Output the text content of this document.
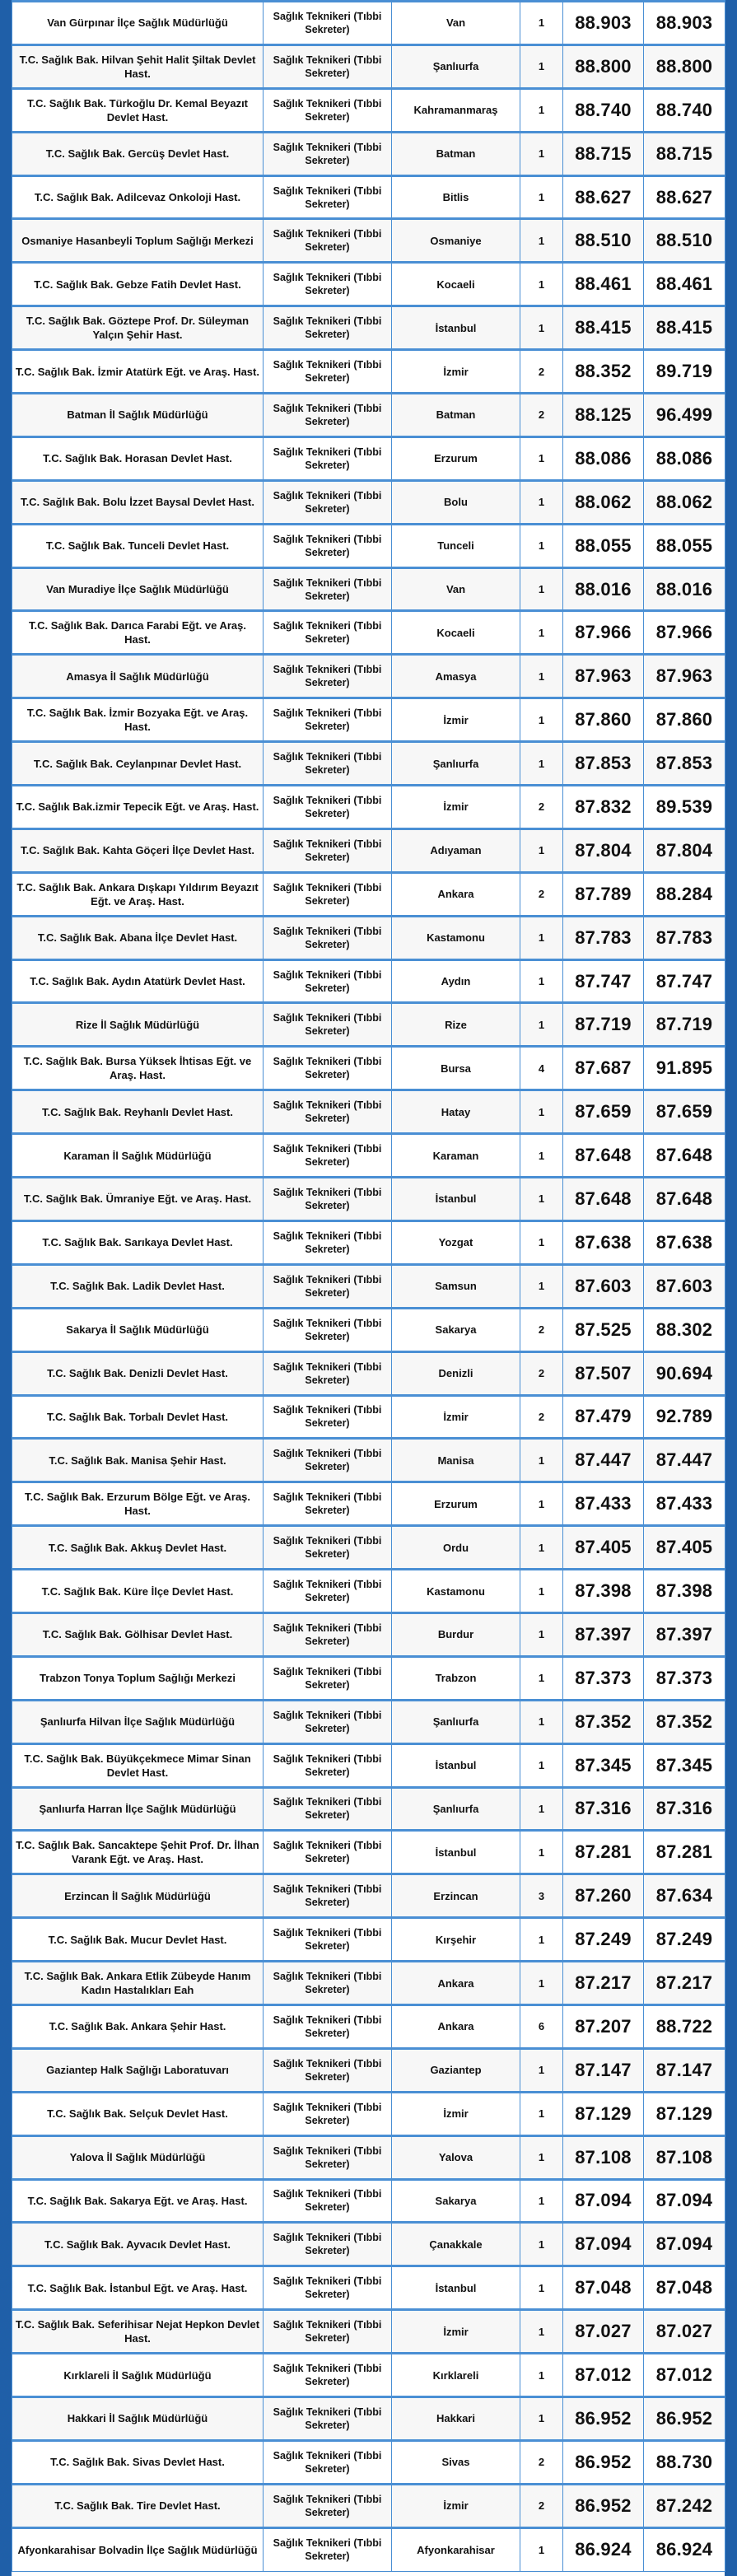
Van Gürpınar İlçe Sağlık Müdürlüğü	Sağlık Teknikeri (Tıbbi Sekreter)	Van	1	88.903	88.903
T.C. Sağlık Bak. Hilvan Şehit Halit Şiltak Devlet Hast.	Sağlık Teknikeri (Tıbbi Sekreter)	Şanlıurfa	1	88.800	88.800
T.C. Sağlık Bak. Türkoğlu Dr. Kemal Beyazıt Devlet Hast.	Sağlık Teknikeri (Tıbbi Sekreter)	Kahramanmaraş	1	88.740	88.740
T.C. Sağlık Bak. Gercüş Devlet Hast.	Sağlık Teknikeri (Tıbbi Sekreter)	Batman	1	88.715	88.715
T.C. Sağlık Bak. Adilcevaz Onkoloji Hast.	Sağlık Teknikeri (Tıbbi Sekreter)	Bitlis	1	88.627	88.627
Osmaniye Hasanbeyli Toplum Sağlığı Merkezi	Sağlık Teknikeri (Tıbbi Sekreter)	Osmaniye	1	88.510	88.510
T.C. Sağlık Bak. Gebze Fatih Devlet Hast.	Sağlık Teknikeri (Tıbbi Sekreter)	Kocaeli	1	88.461	88.461
T.C. Sağlık Bak. Göztepe Prof. Dr. Süleyman Yalçın Şehir Hast.	Sağlık Teknikeri (Tıbbi Sekreter)	İstanbul	1	88.415	88.415
T.C. Sağlık Bak. İzmir Atatürk Eğt. ve Araş. Hast.	Sağlık Teknikeri (Tıbbi Sekreter)	İzmir	2	88.352	89.719
Batman İl Sağlık Müdürlüğü	Sağlık Teknikeri (Tıbbi Sekreter)	Batman	2	88.125	96.499
T.C. Sağlık Bak. Horasan Devlet Hast.	Sağlık Teknikeri (Tıbbi Sekreter)	Erzurum	1	88.086	88.086
T.C. Sağlık Bak. Bolu İzzet Baysal Devlet Hast.	Sağlık Teknikeri (Tıbbi Sekreter)	Bolu	1	88.062	88.062
T.C. Sağlık Bak. Tunceli Devlet Hast.	Sağlık Teknikeri (Tıbbi Sekreter)	Tunceli	1	88.055	88.055
Van Muradiye İlçe Sağlık Müdürlüğü	Sağlık Teknikeri (Tıbbi Sekreter)	Van	1	88.016	88.016
T.C. Sağlık Bak. Darıca Farabi Eğt. ve Araş. Hast.	Sağlık Teknikeri (Tıbbi Sekreter)	Kocaeli	1	87.966	87.966
Amasya İl Sağlık Müdürlüğü	Sağlık Teknikeri (Tıbbi Sekreter)	Amasya	1	87.963	87.963
T.C. Sağlık Bak. İzmir Bozyaka Eğt. ve Araş. Hast.	Sağlık Teknikeri (Tıbbi Sekreter)	İzmir	1	87.860	87.860
T.C. Sağlık Bak. Ceylanpınar Devlet Hast.	Sağlık Teknikeri (Tıbbi Sekreter)	Şanlıurfa	1	87.853	87.853
T.C. Sağlık Bak.izmir Tepecik Eğt. ve Araş. Hast.	Sağlık Teknikeri (Tıbbi Sekreter)	İzmir	2	87.832	89.539
T.C. Sağlık Bak. Kahta Göçeri İlçe Devlet Hast.	Sağlık Teknikeri (Tıbbi Sekreter)	Adıyaman	1	87.804	87.804
T.C. Sağlık Bak. Ankara Dışkapı Yıldırım Beyazıt Eğt. ve Araş. Hast.	Sağlık Teknikeri (Tıbbi Sekreter)	Ankara	2	87.789	88.284
T.C. Sağlık Bak. Abana İlçe Devlet Hast.	Sağlık Teknikeri (Tıbbi Sekreter)	Kastamonu	1	87.783	87.783
T.C. Sağlık Bak. Aydın Atatürk Devlet Hast.	Sağlık Teknikeri (Tıbbi Sekreter)	Aydın	1	87.747	87.747
Rize İl Sağlık Müdürlüğü	Sağlık Teknikeri (Tıbbi Sekreter)	Rize	1	87.719	87.719
T.C. Sağlık Bak. Bursa Yüksek İhtisas Eğt. ve Araş. Hast.	Sağlık Teknikeri (Tıbbi Sekreter)	Bursa	4	87.687	91.895
T.C. Sağlık Bak. Reyhanlı Devlet Hast.	Sağlık Teknikeri (Tıbbi Sekreter)	Hatay	1	87.659	87.659
Karaman İl Sağlık Müdürlüğü	Sağlık Teknikeri (Tıbbi Sekreter)	Karaman	1	87.648	87.648
T.C. Sağlık Bak. Ümraniye Eğt. ve Araş. Hast.	Sağlık Teknikeri (Tıbbi Sekreter)	İstanbul	1	87.648	87.648
T.C. Sağlık Bak. Sarıkaya Devlet Hast.	Sağlık Teknikeri (Tıbbi Sekreter)	Yozgat	1	87.638	87.638
T.C. Sağlık Bak. Ladik Devlet Hast.	Sağlık Teknikeri (Tıbbi Sekreter)	Samsun	1	87.603	87.603
Sakarya İl Sağlık Müdürlüğü	Sağlık Teknikeri (Tıbbi Sekreter)	Sakarya	2	87.525	88.302
T.C. Sağlık Bak. Denizli Devlet Hast.	Sağlık Teknikeri (Tıbbi Sekreter)	Denizli	2	87.507	90.694
T.C. Sağlık Bak. Torbalı Devlet Hast.	Sağlık Teknikeri (Tıbbi Sekreter)	İzmir	2	87.479	92.789
T.C. Sağlık Bak. Manisa Şehir Hast.	Sağlık Teknikeri (Tıbbi Sekreter)	Manisa	1	87.447	87.447
T.C. Sağlık Bak. Erzurum Bölge Eğt. ve Araş. Hast.	Sağlık Teknikeri (Tıbbi Sekreter)	Erzurum	1	87.433	87.433
T.C. Sağlık Bak. Akkuş Devlet Hast.	Sağlık Teknikeri (Tıbbi Sekreter)	Ordu	1	87.405	87.405
T.C. Sağlık Bak. Küre İlçe Devlet Hast.	Sağlık Teknikeri (Tıbbi Sekreter)	Kastamonu	1	87.398	87.398
T.C. Sağlık Bak. Gölhisar Devlet Hast.	Sağlık Teknikeri (Tıbbi Sekreter)	Burdur	1	87.397	87.397
Trabzon Tonya Toplum Sağlığı Merkezi	Sağlık Teknikeri (Tıbbi Sekreter)	Trabzon	1	87.373	87.373
Şanlıurfa Hilvan İlçe Sağlık Müdürlüğü	Sağlık Teknikeri (Tıbbi Sekreter)	Şanlıurfa	1	87.352	87.352
T.C. Sağlık Bak. Büyükçekmece Mimar Sinan Devlet Hast.	Sağlık Teknikeri (Tıbbi Sekreter)	İstanbul	1	87.345	87.345
Şanlıurfa Harran İlçe Sağlık Müdürlüğü	Sağlık Teknikeri (Tıbbi Sekreter)	Şanlıurfa	1	87.316	87.316
T.C. Sağlık Bak. Sancaktepe Şehit Prof. Dr. İlhan Varank Eğt. ve Araş. Hast.	Sağlık Teknikeri (Tıbbi Sekreter)	İstanbul	1	87.281	87.281
Erzincan İl Sağlık Müdürlüğü	Sağlık Teknikeri (Tıbbi Sekreter)	Erzincan	3	87.260	87.634
T.C. Sağlık Bak. Mucur Devlet Hast.	Sağlık Teknikeri (Tıbbi Sekreter)	Kırşehir	1	87.249	87.249
T.C. Sağlık Bak. Ankara Etlik Zübeyde Hanım Kadın Hastalıkları Eah	Sağlık Teknikeri (Tıbbi Sekreter)	Ankara	1	87.217	87.217
T.C. Sağlık Bak. Ankara Şehir Hast.	Sağlık Teknikeri (Tıbbi Sekreter)	Ankara	6	87.207	88.722
Gaziantep Halk Sağlığı Laboratuvarı	Sağlık Teknikeri (Tıbbi Sekreter)	Gaziantep	1	87.147	87.147
T.C. Sağlık Bak. Selçuk Devlet Hast.	Sağlık Teknikeri (Tıbbi Sekreter)	İzmir	1	87.129	87.129
Yalova İl Sağlık Müdürlüğü	Sağlık Teknikeri (Tıbbi Sekreter)	Yalova	1	87.108	87.108
T.C. Sağlık Bak. Sakarya Eğt. ve Araş. Hast.	Sağlık Teknikeri (Tıbbi Sekreter)	Sakarya	1	87.094	87.094
T.C. Sağlık Bak. Ayvacık Devlet Hast.	Sağlık Teknikeri (Tıbbi Sekreter)	Çanakkale	1	87.094	87.094
T.C. Sağlık Bak. İstanbul Eğt. ve Araş. Hast.	Sağlık Teknikeri (Tıbbi Sekreter)	İstanbul	1	87.048	87.048
T.C. Sağlık Bak. Seferihisar Nejat Hepkon Devlet Hast.	Sağlık Teknikeri (Tıbbi Sekreter)	İzmir	1	87.027	87.027
Kırklareli İl Sağlık Müdürlüğü	Sağlık Teknikeri (Tıbbi Sekreter)	Kırklareli	1	87.012	87.012
Hakkari İl Sağlık Müdürlüğü	Sağlık Teknikeri (Tıbbi Sekreter)	Hakkari	1	86.952	86.952
T.C. Sağlık Bak. Sivas Devlet Hast.	Sağlık Teknikeri (Tıbbi Sekreter)	Sivas	2	86.952	88.730
T.C. Sağlık Bak. Tire Devlet Hast.	Sağlık Teknikeri (Tıbbi Sekreter)	İzmir	2	86.952	87.242
Afyonkarahisar Bolvadin İlçe Sağlık Müdürlüğü	Sağlık Teknikeri (Tıbbi Sekreter)	Afyonkarahisar	1	86.924	86.924
